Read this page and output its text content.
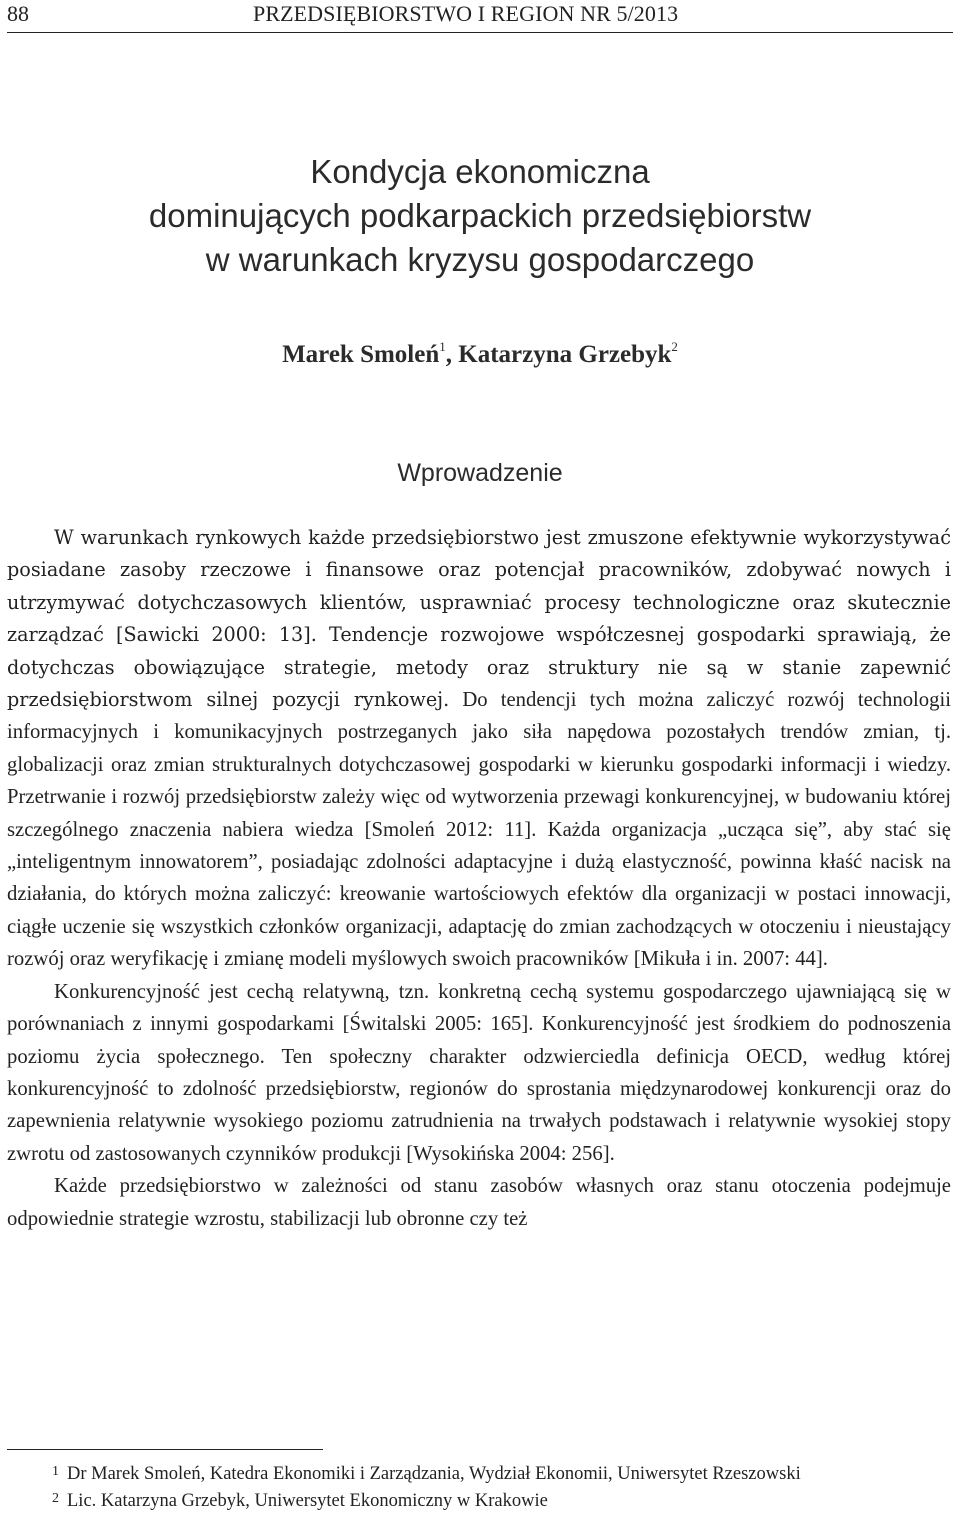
88	PRZEDSIĘBIORSTWO I REGION NR 5/2013
Kondycja ekonomiczna
dominujących podkarpackich przedsiębiorstw
w warunkach kryzysu gospodarczego
Marek Smoleń$^1$, Katarzyna Grzebyk$^2$
Wprowadzenie

W warunkach rynkowych każde przedsiębiorstwo jest zmuszone efektywnie wykorzystywać posiadane zasoby rzeczowe i finansowe oraz potencjał pracowników, zdobywać nowych i utrzymywać dotychczasowych klientów, usprawniać procesy technologiczne oraz skutecznie zarządzać [Sawicki 2000: 13]. Tendencje rozwojowe współczesnej gospodarki sprawiają, że dotychczas obowiązujące strategie, metody oraz struktury nie są w stanie zapewnić przedsiębiorstwom silnej pozycji rynkowej. Do tendencji tych można zaliczyć rozwój technologii informacyjnych i komunikacyjnych postrzeganych jako siła napędowa pozostałych trendów zmian, tj. globalizacji oraz zmian strukturalnych dotychczasowej gospodarki w kierunku gospodarki informacji i wiedzy. Przetrwanie i rozwój przedsiębiorstw zależy więc od wytworzenia przewagi konkurencyjnej, w budowaniu której szczególnego znaczenia nabiera wiedza [Smoleń 2012: 11]. Każda organizacja „ucząca się”, aby stać się „inteligentnym innowatorem”, posiadając zdolności adaptacyjne i dużą elastyczność, powinna kłaść nacisk na działania, do których można zaliczyć: kreowanie wartościowych efektów dla organizacji w postaci innowacji, ciągłe uczenie się wszystkich członków organizacji, adaptację do zmian zachodzących w otoczeniu i nieustający rozwój oraz weryfikację i zmianę modeli myślowych swoich pracowników [Mikuła i in. 2007: 44].

Konkurencyjność jest cechą relatywną, tzn. konkretną cechą systemu gospodarczego ujawniającą się w porównaniach z innymi gospodarkami [Świtalski 2005: 165]. Konkurencyjność jest środkiem do podnoszenia poziomu życia społecznego. Ten społeczny charakter odzwierciedla definicja OECD, według której konkurencyjność to zdolność przedsiębiorstw, regionów do sprostania międzynarodowej konkurencji oraz do zapewnienia relatywnie wysokiego poziomu zatrudnienia na trwałych podstawach i relatywnie wysokiej stopy zwrotu od zastosowanych czynników produkcji [Wysokińska 2004: 256].

Każde przedsiębiorstwo w zależności od stanu zasobów własnych oraz stanu otoczenia podejmuje odpowiednie strategie wzrostu, stabilizacji lub obronne czy też

1 Dr Marek Smoleń, Katedra Ekonomiki i Zarządzania, Wydział Ekonomii, Uniwersytet Rzeszowski
2 Lic. Katarzyna Grzebyk, Uniwersytet Ekonomiczny w Krakowie
